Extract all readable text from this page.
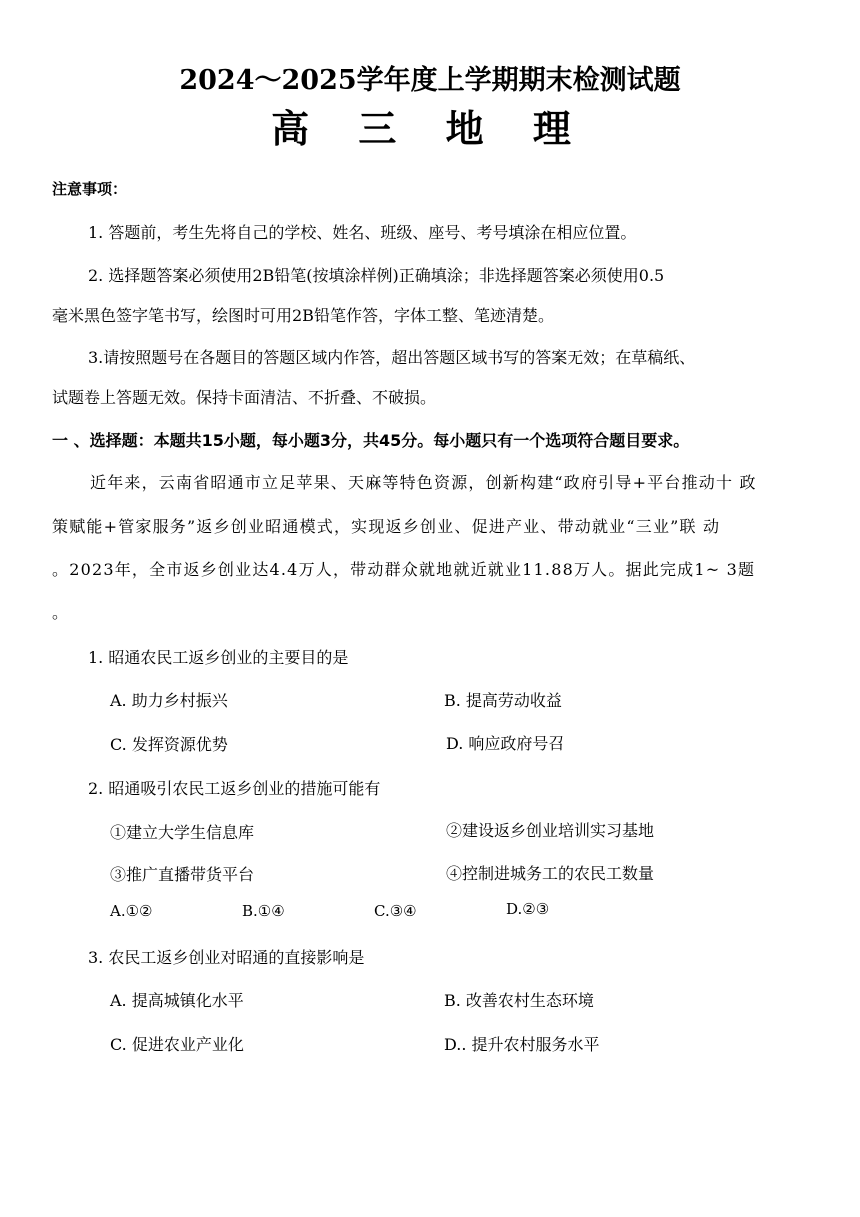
2024～2025学年度上学期期末检测试题
高 三 地 理
注意事项：
1. 答题前，考生先将自己的学校、姓名、班级、座号、考号填涂在相应位置。
2. 选择题答案必须使用2B铅笔(按填涂样例)正确填涂；非选择题答案必须使用0.5
毫米黑色签字笔书写，绘图时可用2B铅笔作答，字体工整、笔迹清楚。
3.请按照题号在各题目的答题区域内作答，超出答题区域书写的答案无效；在草稿纸、
试题卷上答题无效。保持卡面清洁、不折叠、不破损。
一 、选择题：本题共15小题，每小题3分，共45分。每小题只有一个选项符合题目要求。
近年来，云南省昭通市立足苹果、天麻等特色资源，创新构建“政府引导+平台推动十 政
策赋能+管家服务”返乡创业昭通模式，实现返乡创业、促进产业、带动就业“三业”联 动
。2023年，全市返乡创业达4.4万人，带动群众就地就近就业11.88万人。据此完成1~ 3题
。
1. 昭通农民工返乡创业的主要目的是
A. 助力乡村振兴	B. 提高劳动收益
C. 发挥资源优势	D. 响应政府号召
2. 昭通吸引农民工返乡创业的措施可能有
①建立大学生信息库	②建设返乡创业培训实习基地
③推广直播带货平台	④控制进城务工的农民工数量
A.①②	B.①④	C.③④	D.②③
3. 农民工返乡创业对昭通的直接影响是
A. 提高城镇化水平	B. 改善农村生态环境
C. 促进农业产业化	D.. 提升农村服务水平
